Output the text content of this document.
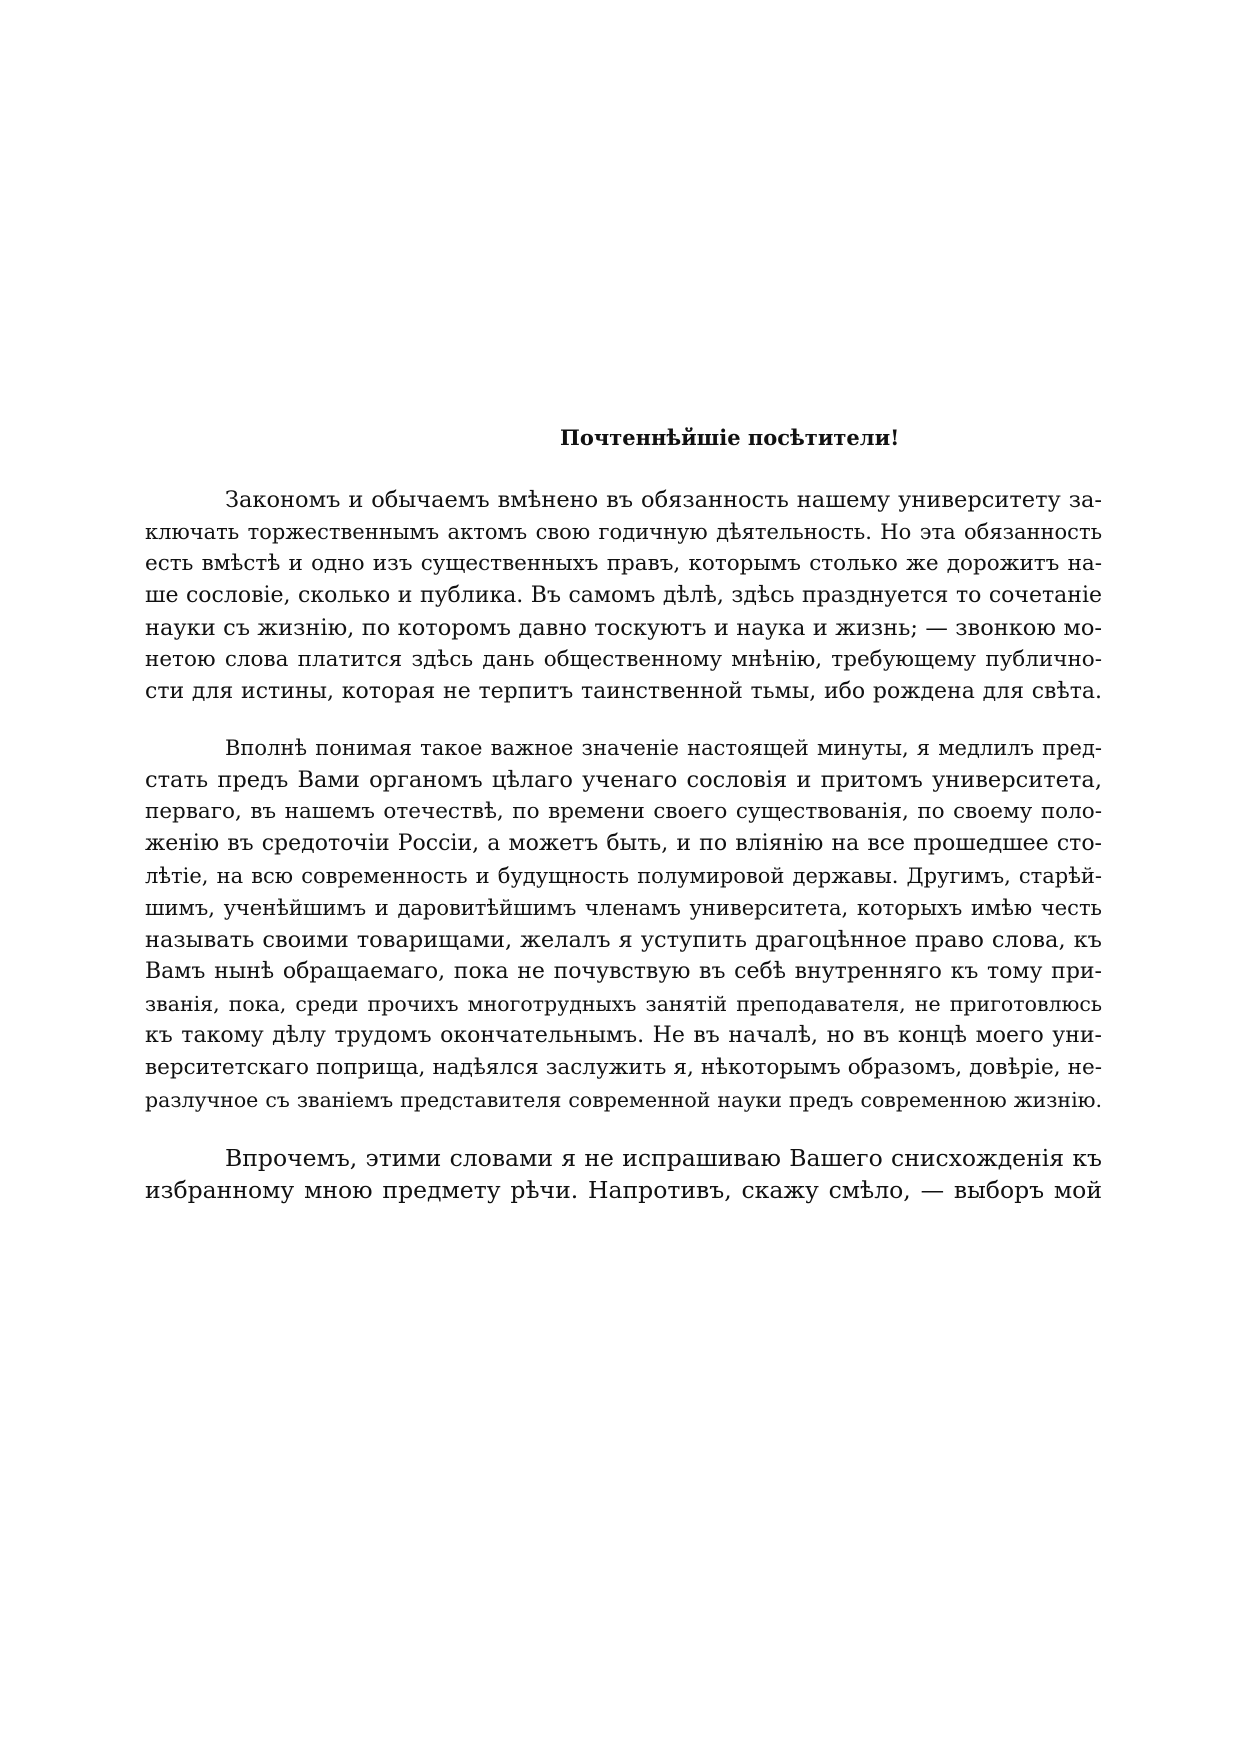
Почтеннѣйшіе посѣтители!
Закономъ и обычаемъ вмѣнено въ обязанность нашему университету за-
ключать торжественнымъ актомъ свою годичную дѣятельность. Но эта обязанность
есть вмѣстѣ и одно изъ существенныхъ правъ, которымъ столько же дорожитъ на-
ше сословіе, сколько и публика. Въ самомъ дѣлѣ, здѣсь празднуется то сочетаніе
науки съ жизнію, по которомъ давно тоскуютъ и наука и жизнь; — звонкою мо-
нетою слова платится здѣсь дань общественному мнѣнію, требующему публично-
сти для истины, которая не терпитъ таинственной тьмы, ибо рождена для свѣта.
Вполнѣ понимая такое важное значеніе настоящей минуты, я медлилъ пред-
стать предъ Вами органомъ цѣлаго ученаго сословія и притомъ университета,
перваго, въ нашемъ отечествѣ, по времени своего существованія, по своему поло-
женію въ средоточіи Россіи, а можетъ быть, и по вліянію на все прошедшее сто-
лѣтіе, на всю современность и будущность полумировой державы. Другимъ, старѣй-
шимъ, ученѣйшимъ и даровитѣйшимъ членамъ университета, которыхъ имѣю честь
называть своими товарищами, желалъ я уступить драгоцѣнное право слова, къ
Вамъ нынѣ обращаемаго, пока не почувствую въ себѣ внутренняго къ тому при-
званія, пока, среди прочихъ многотрудныхъ занятій преподавателя, не приготовлюсь
къ такому дѣлу трудомъ окончательнымъ. Не въ началѣ, но въ концѣ моего уни-
верситетскаго поприща, надѣялся заслужить я, нѣкоторымъ образомъ, довѣріе, не-
разлучное съ званіемъ представителя современной науки предъ современною жизнію.
Впрочемъ, этими словами я не испрашиваю Вашего снисхожденія къ
избранному мною предмету рѣчи. Напротивъ, скажу смѣло, — выборъ мой
